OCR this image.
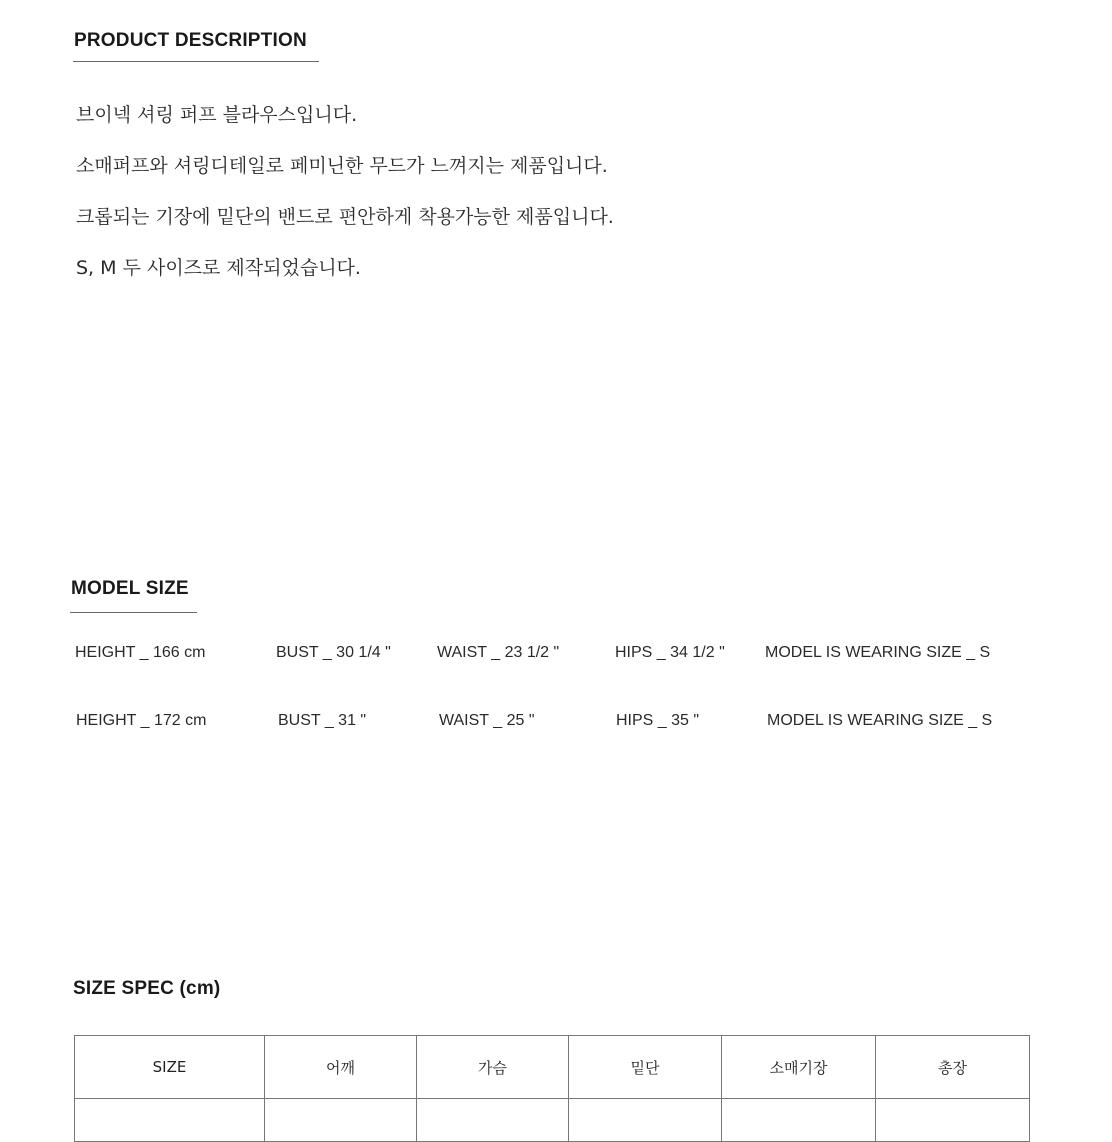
PRODUCT DESCRIPTION

브이넥 셔링 퍼프 블라우스입니다.

소매퍼프와 셔링디테일로 페미닌한 무드가 느껴지는 제품입니다.

크롭되는 기장에 밑단의 밴드로 편안하게 착용가능한 제품입니다.

S, M 두 사이즈로 제작되었습니다.

MODEL SIZE
HEIGHT _ 166 cm	BUST _ 30 1/4 "	WAIST _ 23 1/2 "	HIPS _ 34 1/2 "	MODEL IS WEARING SIZE _ S
HEIGHT _ 172 cm	BUST _ 31 "	WAIST _ 25 "	HIPS _ 35 "	MODEL IS WEARING SIZE _ S
SIZE SPEC (cm)
SIZE	어깨	가슴	밑단	소매기장	총장
